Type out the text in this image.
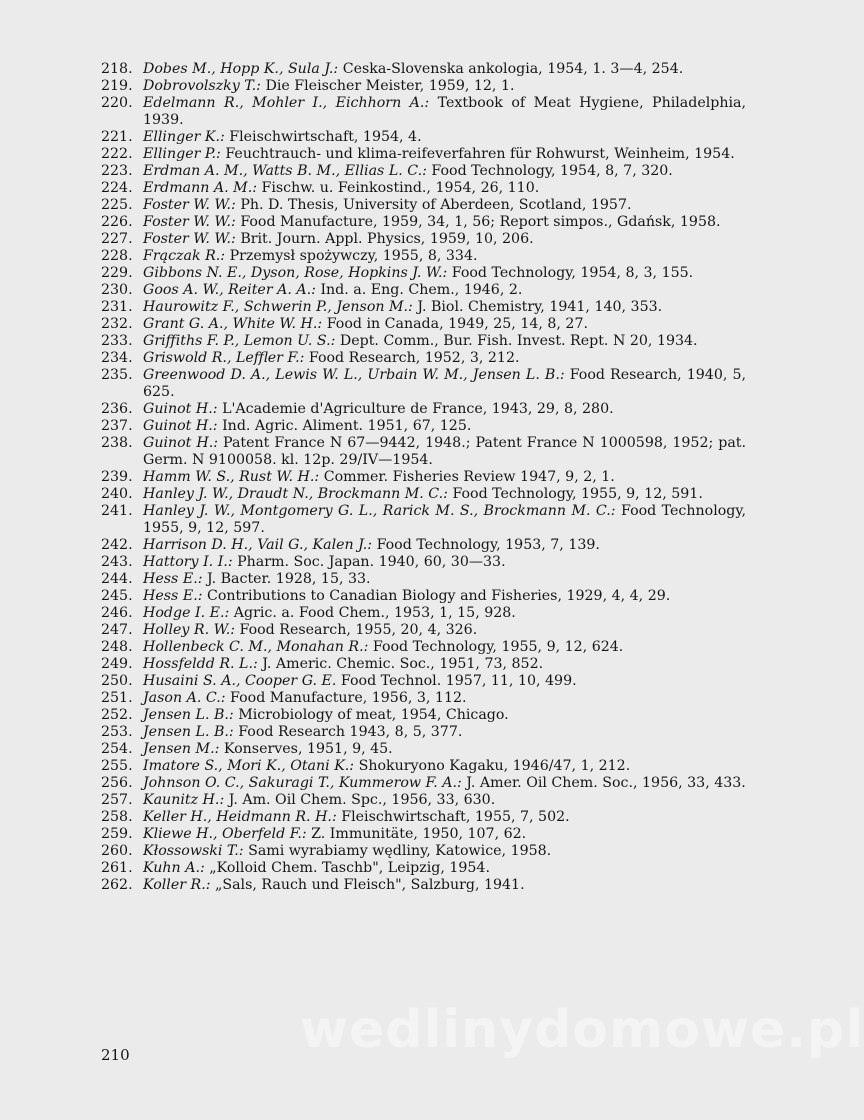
218. Dobes M., Hopp K., Sula J.: Ceska-Slovenska ankologia, 1954, 1. 3—4, 254.
219. Dobrovolszky T.: Die Fleischer Meister, 1959, 12, 1.
220. Edelmann R., Mohler I., Eichhorn A.: Textbook of Meat Hygiene, Philadelphia, 1939.
221. Ellinger K.: Fleischwirtschaft, 1954, 4.
222. Ellinger P.: Feuchtrauch- und klima-reifeverfahren für Rohwurst, Weinheim, 1954.
223. Erdman A. M., Watts B. M., Ellias L. C.: Food Technology, 1954, 8, 7, 320.
224. Erdmann A. M.: Fischw. u. Feinkostind., 1954, 26, 110.
225. Foster W. W.: Ph. D. Thesis, University of Aberdeen, Scotland, 1957.
226. Foster W. W.: Food Manufacture, 1959, 34, 1, 56; Report simpos., Gdańsk, 1958.
227. Foster W. W.: Brit. Journ. Appl. Physics, 1959, 10, 206.
228. Frączak R.: Przemysł spożywczy, 1955, 8, 334.
229. Gibbons N. E., Dyson, Rose, Hopkins J. W.: Food Technology, 1954, 8, 3, 155.
230. Goos A. W., Reiter A. A.: Ind. a. Eng. Chem., 1946, 2.
231. Haurowitz F., Schwerin P., Jenson M.: J. Biol. Chemistry, 1941, 140, 353.
232. Grant G. A., White W. H.: Food in Canada, 1949, 25, 14, 8, 27.
233. Griffiths F. P., Lemon U. S.: Dept. Comm., Bur. Fish. Invest. Rept. N 20, 1934.
234. Griswold R., Leffler F.: Food Research, 1952, 3, 212.
235. Greenwood D. A., Lewis W. L., Urbain W. M., Jensen L. B.: Food Research, 1940, 5, 625.
236. Guinot H.: L'Academie d'Agriculture de France, 1943, 29, 8, 280.
237. Guinot H.: Ind. Agric. Aliment. 1951, 67, 125.
238. Guinot H.: Patent France N 67—9442, 1948.; Patent France N 1000598, 1952; pat. Germ. N 9100058. kl. 12p. 29/IV—1954.
239. Hamm W. S., Rust W. H.: Commer. Fisheries Review 1947, 9, 2, 1.
240. Hanley J. W., Draudt N., Brockmann M. C.: Food Technology, 1955, 9, 12, 591.
241. Hanley J. W., Montgomery G. L., Rarick M. S., Brockmann M. C.: Food Technology, 1955, 9, 12, 597.
242. Harrison D. H., Vail G., Kalen J.: Food Technology, 1953, 7, 139.
243. Hattory I. I.: Pharm. Soc. Japan. 1940, 60, 30—33.
244. Hess E.: J. Bacter. 1928, 15, 33.
245. Hess E.: Contributions to Canadian Biology and Fisheries, 1929, 4, 4, 29.
246. Hodge I. E.: Agric. a. Food Chem., 1953, 1, 15, 928.
247. Holley R. W.: Food Research, 1955, 20, 4, 326.
248. Hollenbeck C. M., Monahan R.: Food Technology, 1955, 9, 12, 624.
249. Hossfeldd R. L.: J. Americ. Chemic. Soc., 1951, 73, 852.
250. Husaini S. A., Cooper G. E. Food Technol. 1957, 11, 10, 499.
251. Jason A. C.: Food Manufacture, 1956, 3, 112.
252. Jensen L. B.: Microbiology of meat, 1954, Chicago.
253. Jensen L. B.: Food Research 1943, 8, 5, 377.
254. Jensen M.: Konserves, 1951, 9, 45.
255. Imatore S., Mori K., Otani K.: Shokuryono Kagaku, 1946/47, 1, 212.
256. Johnson O. C., Sakuragi T., Kummerow F. A.: J. Amer. Oil Chem. Soc., 1956, 33, 433.
257. Kaunitz H.: J. Am. Oil Chem. Spc., 1956, 33, 630.
258. Keller H., Heidmann R. H.: Fleischwirtschaft, 1955, 7, 502.
259. Kliewe H., Oberfeld F.: Z. Immunitäte, 1950, 107, 62.
260. Kłossowski T.: Sami wyrabiamy wędliny, Katowice, 1958.
261. Kuhn A.: „Kolloid Chem. Taschb", Leipzig, 1954.
262. Koller R.: „Sals, Rauch und Fleisch", Salzburg, 1941.
wedlinydomowe.pl
210
